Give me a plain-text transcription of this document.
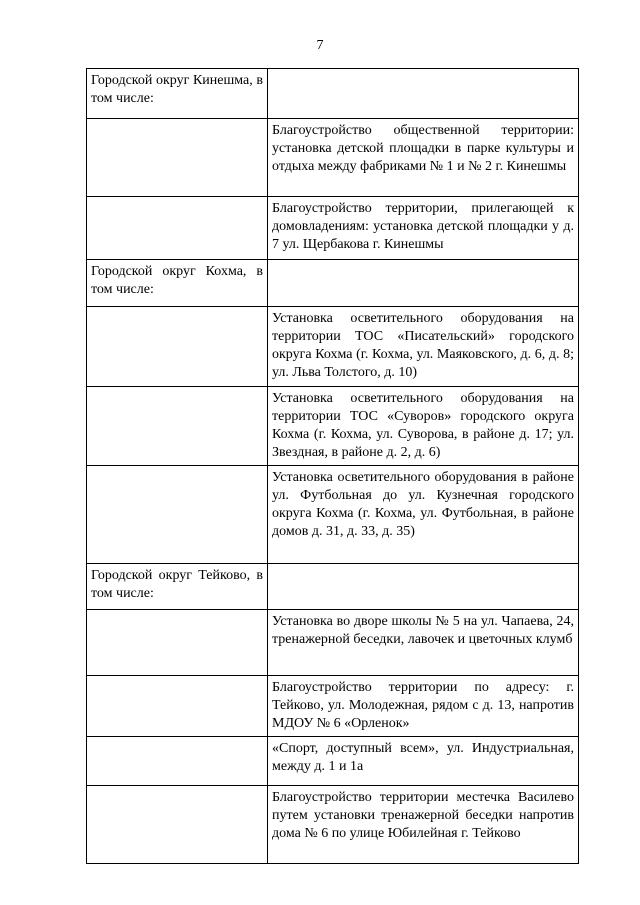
7
Городской округ Кинешма, в том числе:	
	Благоустройство общественной территории: установка детской площадки в парке культуры и отдыха между фабриками № 1 и № 2 г. Кинешмы
	Благоустройство территории, прилегающей к домовладениям: установка детской площадки у д. 7 ул. Щербакова г. Кинешмы
Городской округ Кохма, в том числе:	
	Установка осветительного оборудования на территории ТОС «Писательский» городского округа Кохма (г. Кохма, ул. Маяковского, д. 6, д. 8; ул. Льва Толстого, д. 10)
	Установка осветительного оборудования на территории ТОС «Суворов» городского округа Кохма (г. Кохма, ул. Суворова, в районе д. 17; ул. Звездная, в районе д. 2, д. 6)
	Установка осветительного оборудования в районе ул. Футбольная до ул. Кузнечная городского округа Кохма (г. Кохма, ул. Футбольная, в районе домов д. 31, д. 33, д. 35)
Городской округ Тейково, в том числе:	
	Установка во дворе школы № 5 на ул. Чапаева, 24, тренажерной беседки, лавочек и цветочных клумб
	Благоустройство территории по адресу: г. Тейково, ул. Молодежная, рядом с д. 13, напротив МДОУ № 6 «Орленок»
	«Спорт, доступный всем», ул. Индустриальная, между д. 1 и 1а
	Благоустройство территории местечка Василево путем установки тренажерной беседки напротив дома № 6 по улице Юбилейная г. Тейково
